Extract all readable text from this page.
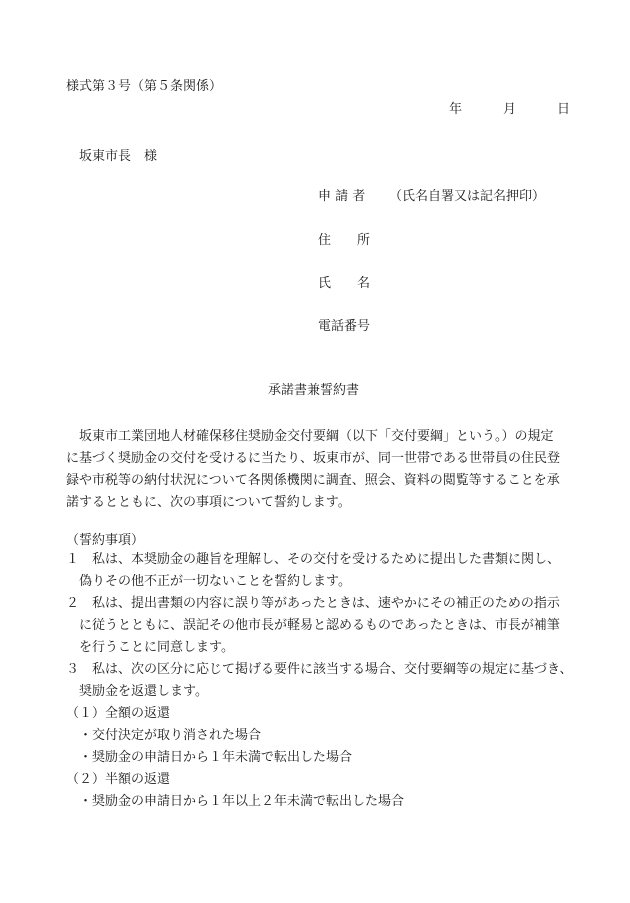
様式第３号（第５条関係）
年	月	日
坂東市長　様
申 請 者 （氏名自署又は記名押印）
住　　所
氏　　名
電話番号
承諾書兼誓約書
　坂東市工業団地人材確保移住奨励金交付要綱（以下「交付要綱」という。）の規定
に基づく奨励金の交付を受けるに当たり、坂東市が、同一世帯である世帯員の住民登
録や市税等の納付状況について各関係機関に調査、照会、資料の閲覧等することを承
諾するとともに、次の事項について誓約します。
（誓約事項）
１　私は、本奨励金の趣旨を理解し、その交付を受けるために提出した書類に関し、
　偽りその他不正が一切ないことを誓約します。
２　私は、提出書類の内容に誤り等があったときは、速やかにその補正のための指示
　に従うとともに、誤記その他市長が軽易と認めるものであったときは、市長が補筆
　を行うことに同意します。
３　私は、次の区分に応じて掲げる要件に該当する場合、交付要綱等の規定に基づき、
　奨励金を返還します。
（１）全額の返還
　・交付決定が取り消された場合
　・奨励金の申請日から１年未満で転出した場合
（２）半額の返還
　・奨励金の申請日から１年以上２年未満で転出した場合
